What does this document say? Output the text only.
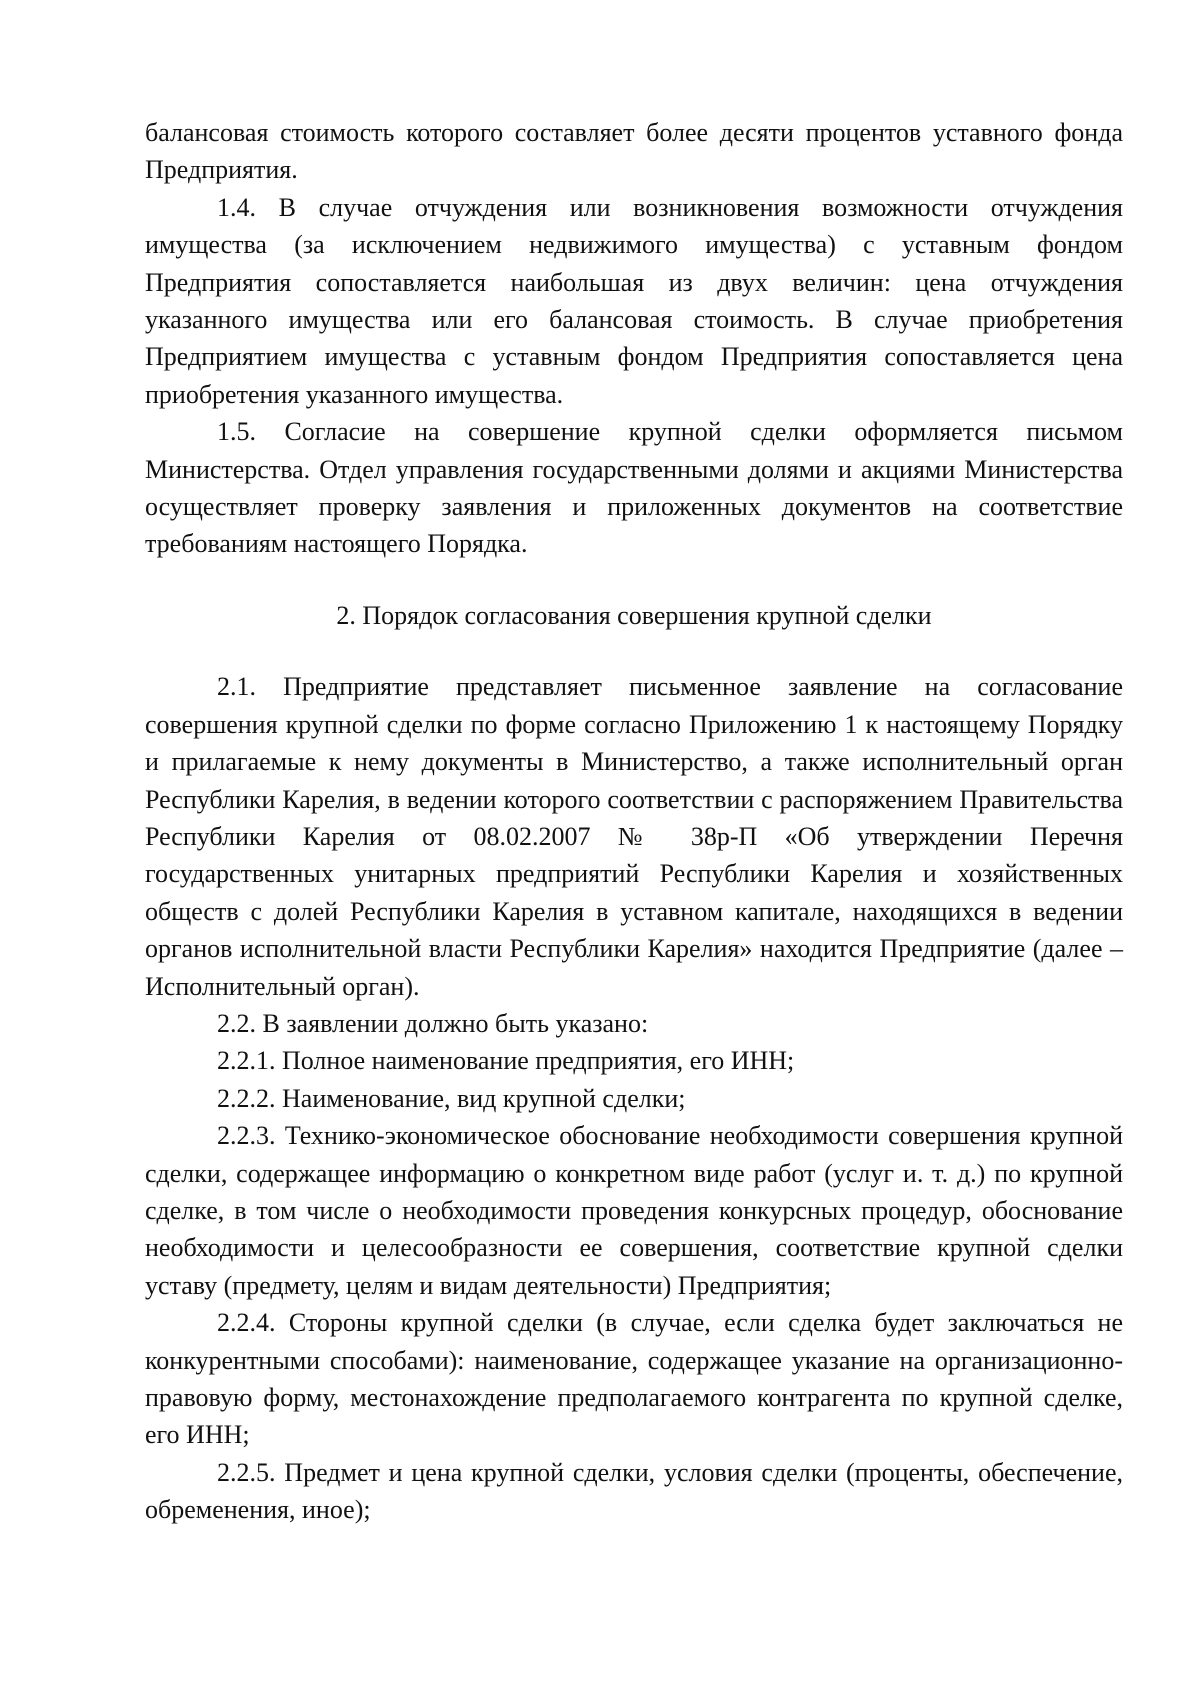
балансовая стоимость которого составляет более десяти процентов уставного фонда Предприятия.

1.4. В случае отчуждения или возникновения возможности отчуждения имущества (за исключением недвижимого имущества) с уставным фондом Предприятия сопоставляется наибольшая из двух величин: цена отчуждения указанного имущества или его балансовая стоимость. В случае приобретения Предприятием имущества с уставным фондом Предприятия сопоставляется цена приобретения указанного имущества.

1.5. Согласие на совершение крупной сделки оформляется письмом Министерства. Отдел управления государственными долями и акциями Министерства осуществляет проверку заявления и приложенных документов на соответствие требованиям настоящего Порядка.

2. Порядок согласования совершения крупной сделки

2.1. Предприятие представляет письменное заявление на согласование совершения крупной сделки по форме согласно Приложению 1 к настоящему Порядку и прилагаемые к нему документы в Министерство, а также исполнительный орган Республики Карелия, в ведении которого соответствии с распоряжением Правительства Республики Карелия от 08.02.2007 № 38р-П «Об утверждении Перечня государственных унитарных предприятий Республики Карелия и хозяйственных обществ с долей Республики Карелия в уставном капитале, находящихся в ведении органов исполнительной власти Республики Карелия» находится Предприятие (далее – Исполнительный орган).

2.2. В заявлении должно быть указано:

2.2.1. Полное наименование предприятия, его ИНН;

2.2.2. Наименование, вид крупной сделки;

2.2.3. Технико-экономическое обоснование необходимости совершения крупной сделки, содержащее информацию о конкретном виде работ (услуг и. т. д.) по крупной сделке, в том числе о необходимости проведения конкурсных процедур, обоснование необходимости и целесообразности ее совершения, соответствие крупной сделки уставу (предмету, целям и видам деятельности) Предприятия;

2.2.4. Стороны крупной сделки (в случае, если сделка будет заключаться не конкурентными способами): наименование, содержащее указание на организационно-правовую форму, местонахождение предполагаемого контрагента по крупной сделке, его ИНН;

2.2.5. Предмет и цена крупной сделки, условия сделки (проценты, обеспечение, обременения, иное);
